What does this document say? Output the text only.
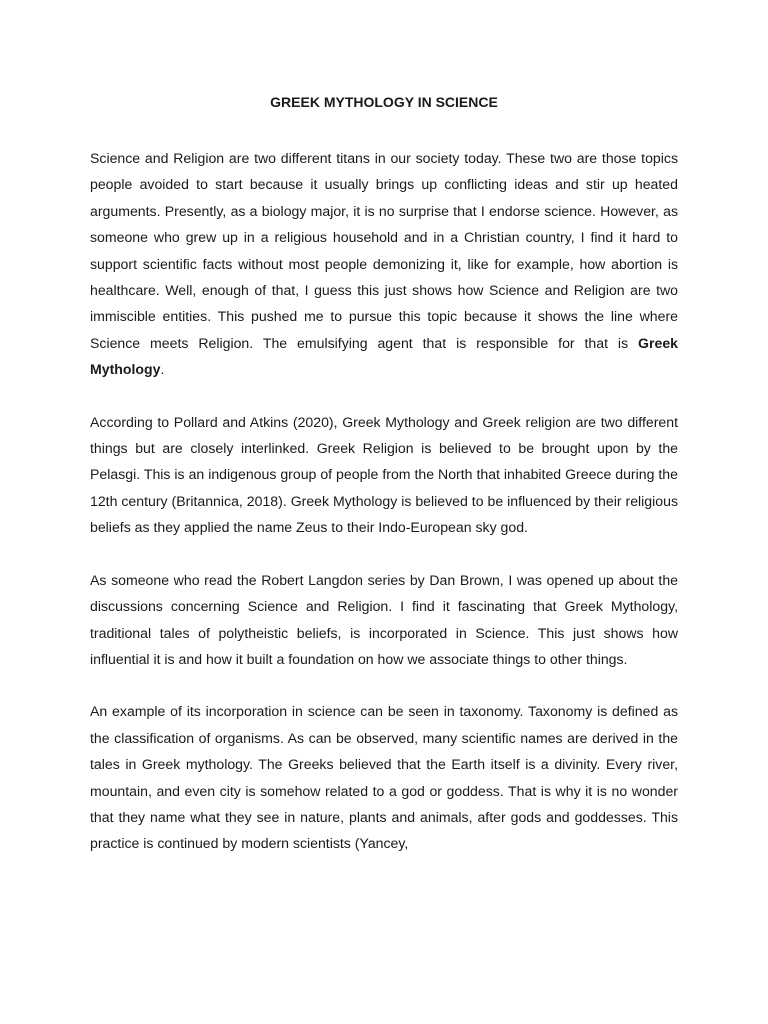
GREEK MYTHOLOGY IN SCIENCE

Science and Religion are two different titans in our society today. These two are those topics people avoided to start because it usually brings up conflicting ideas and stir up heated arguments. Presently, as a biology major, it is no surprise that I endorse science. However, as someone who grew up in a religious household and in a Christian country, I find it hard to support scientific facts without most people demonizing it, like for example, how abortion is healthcare. Well, enough of that, I guess this just shows how Science and Religion are two immiscible entities. This pushed me to pursue this topic because it shows the line where Science meets Religion. The emulsifying agent that is responsible for that is Greek Mythology.

According to Pollard and Atkins (2020), Greek Mythology and Greek religion are two different things but are closely interlinked. Greek Religion is believed to be brought upon by the Pelasgi. This is an indigenous group of people from the North that inhabited Greece during the 12th century (Britannica, 2018). Greek Mythology is believed to be influenced by their religious beliefs as they applied the name Zeus to their Indo-European sky god.

As someone who read the Robert Langdon series by Dan Brown, I was opened up about the discussions concerning Science and Religion. I find it fascinating that Greek Mythology, traditional tales of polytheistic beliefs, is incorporated in Science. This just shows how influential it is and how it built a foundation on how we associate things to other things.

An example of its incorporation in science can be seen in taxonomy. Taxonomy is defined as the classification of organisms. As can be observed, many scientific names are derived in the tales in Greek mythology. The Greeks believed that the Earth itself is a divinity. Every river, mountain, and even city is somehow related to a god or goddess. That is why it is no wonder that they name what they see in nature, plants and animals, after gods and goddesses. This practice is continued by modern scientists (Yancey,
